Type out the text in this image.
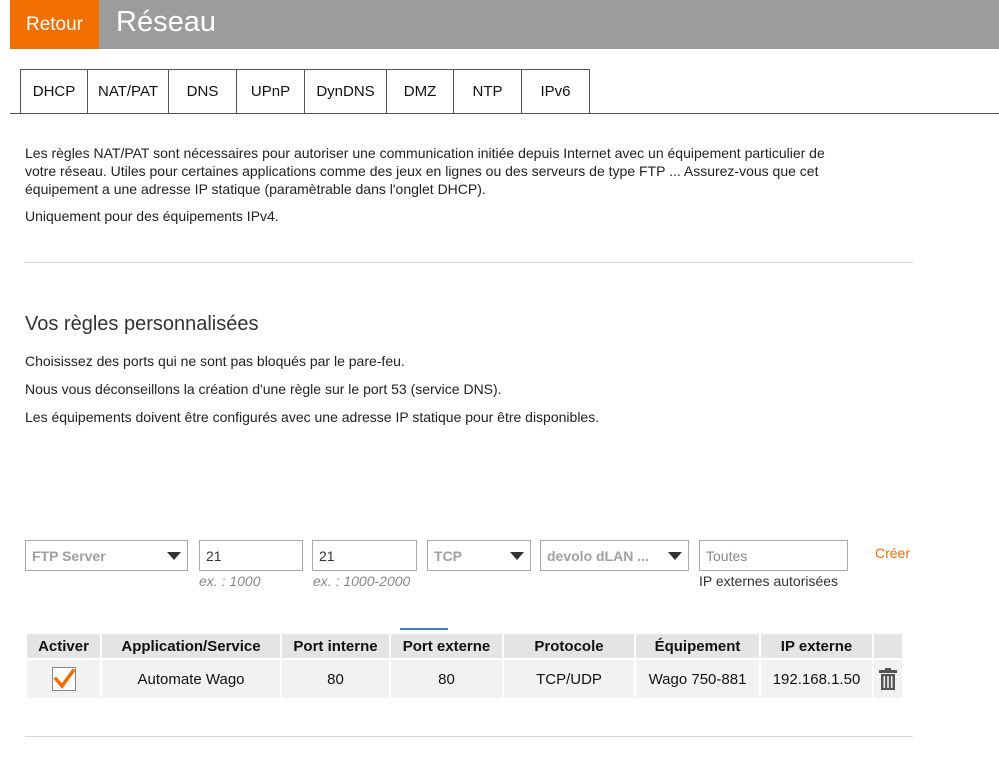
Retour	Réseau
DHCP	NAT/PAT	DNS	UPnP	DynDNS	DMZ	NTP	IPv6

Les règles NAT/PAT sont nécessaires pour autoriser une communication initiée depuis Internet avec un équipement particulier de

votre réseau. Utiles pour certaines applications comme des jeux en lignes ou des serveurs de type FTP ... Assurez-vous que cet

équipement a une adresse IP statique (paramètrable dans l'onglet DHCP).

Uniquement pour des équipements IPv4.

Vos règles personnalisées

Choisissez des ports qui ne sont pas bloqués par le pare-feu.

Nous vous déconseillons la création d'une règle sur le port 53 (service DNS).

Les équipements doivent être configurés avec une adresse IP statique pour être disponibles.

FTP Server
21
ex. : 1000
21	ex. : 1000-2000
TCP	devolo dLAN ...
Toutes
IP externes autorisées
Créer
Activer	Application/Service	Port interne	Port externe	Protocole	Équipement	IP externe	

	Automate Wago	80	80	TCP/UDP	Wago 750-881	192.168.1.50	
